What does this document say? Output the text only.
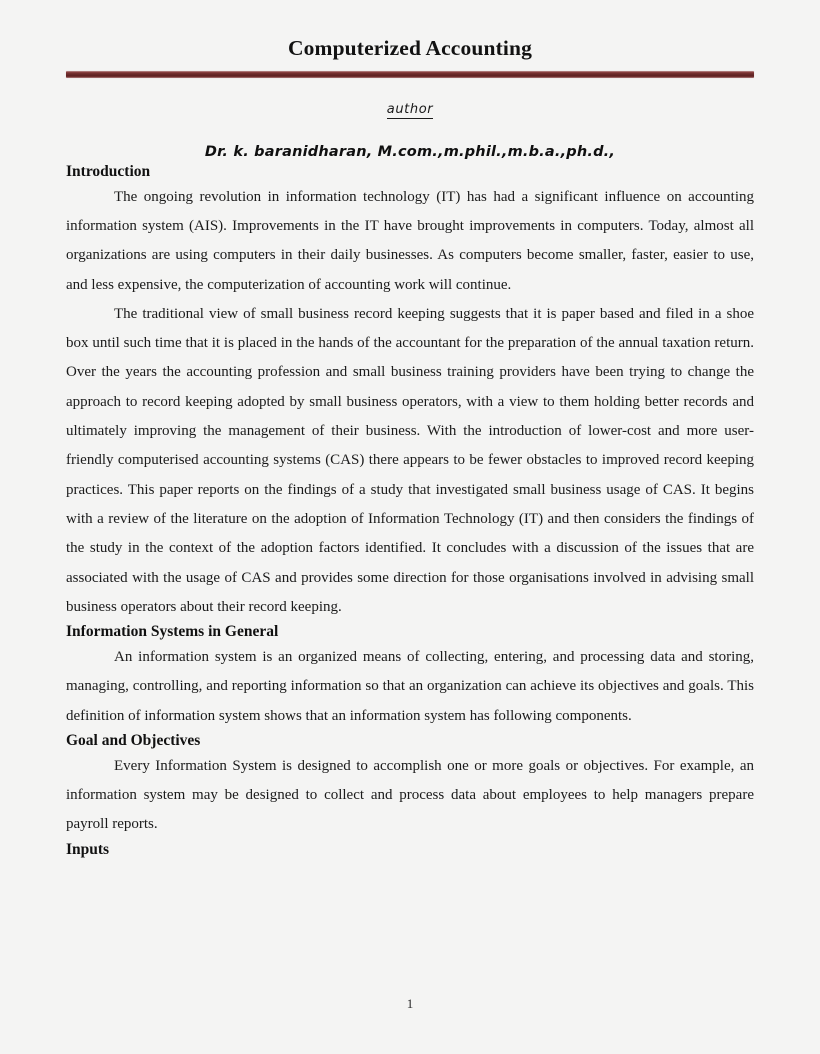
Computerized Accounting
author
Dr. k. baranidharan, M.com.,m.phil.,m.b.a.,ph.d.,
Introduction

The ongoing revolution in information technology (IT) has had a significant influence on accounting information system (AIS). Improvements in the IT have brought improvements in computers. Today, almost all organizations are using computers in their daily businesses. As computers become smaller, faster, easier to use, and less expensive, the computerization of accounting work will continue.

The traditional view of small business record keeping suggests that it is paper based and filed in a shoe box until such time that it is placed in the hands of the accountant for the preparation of the annual taxation return. Over the years the accounting profession and small business training providers have been trying to change the approach to record keeping adopted by small business operators, with a view to them holding better records and ultimately improving the management of their business. With the introduction of lower-cost and more user-friendly computerised accounting systems (CAS) there appears to be fewer obstacles to improved record keeping practices. This paper reports on the findings of a study that investigated small business usage of CAS. It begins with a review of the literature on the adoption of Information Technology (IT) and then considers the findings of the study in the context of the adoption factors identified. It concludes with a discussion of the issues that are associated with the usage of CAS and provides some direction for those organisations involved in advising small business operators about their record keeping.

Information Systems in General

An information system is an organized means of collecting, entering, and processing data and storing, managing, controlling, and reporting information so that an organization can achieve its objectives and goals. This definition of information system shows that an information system has following components.

Goal and Objectives

Every Information System is designed to accomplish one or more goals or objectives. For example, an information system may be designed to collect and process data about employees to help managers prepare payroll reports.

Inputs
1
